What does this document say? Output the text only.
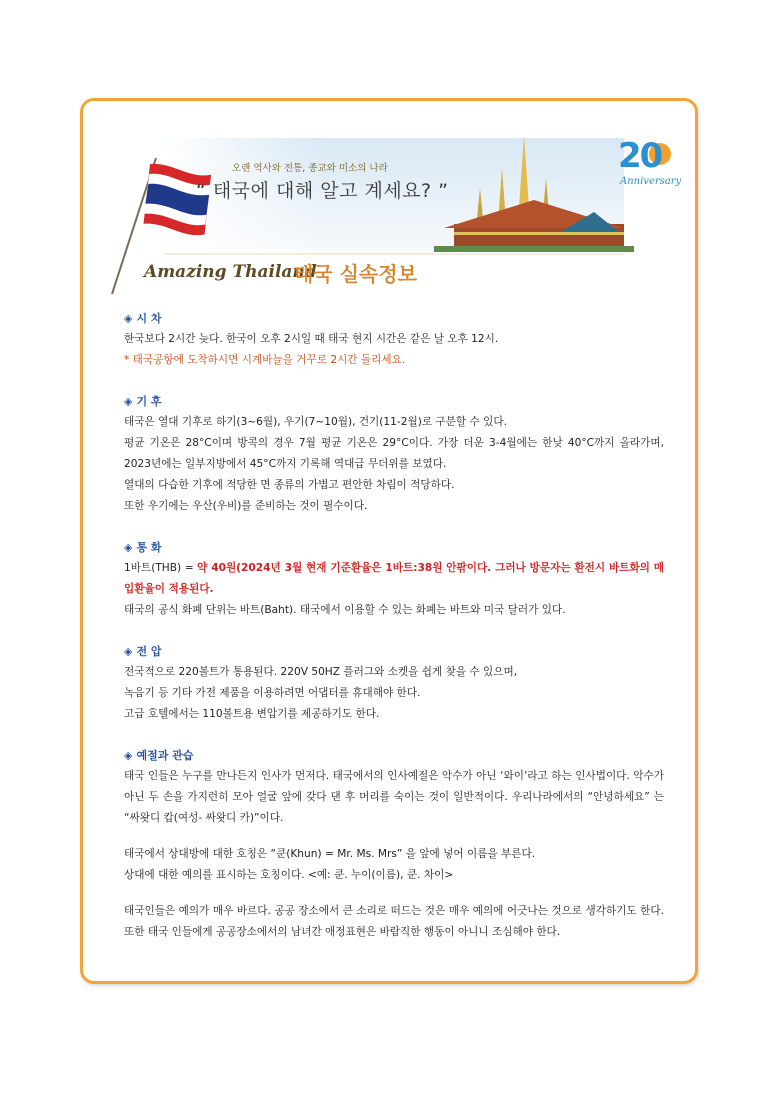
오랜 역사와 전통, 종교와 미소의 나라
“ 태국에 대해 알고 계세요? ”
Amazing Thailand
태국 실속정보
20
Anniversary

◈ 시 차

한국보다 2시간 늦다. 한국이 오후 2시일 때 태국 현지 시간은 같은 날 오후 12시.

* 태국공항에 도착하시면 시계바늘을 거꾸로 2시간 돌리세요.

◈ 기 후

태국은 열대 기후로 하기(3~6월), 우기(7~10월), 건기(11-2월)로 구분할 수 있다.

평균 기온은 28°C이며 방콕의 경우 7월 평균 기온은 29°C이다. 가장 더운 3-4월에는 한낮 40°C까지 올라가며, 2023년에는 일부지방에서 45°C까지 기록해 역대급 무더위를 보였다.

열대의 다습한 기후에 적당한 면 종류의 가볍고 편안한 차림이 적당하다.

또한 우기에는 우산(우비)를 준비하는 것이 필수이다.

◈ 통 화

1바트(THB) = 약 40원(2024년 3월 현재 기준환율은 1바트:38원 안팎이다. 그러나 방문자는 환전시 바트화의 매입환율이 적용된다.

태국의 공식 화폐 단위는 바트(Baht). 태국에서 이용할 수 있는 화폐는 바트와 미국 달러가 있다.

◈ 전 압

전국적으로 220볼트가 통용된다. 220V 50HZ 플러그와 소켓을 쉽게 찾을 수 있으며,

녹음기 등 기타 가전 제품을 이용하려면 어댑터를 휴대해야 한다.

고급 호텔에서는 110볼트용 변압기를 제공하기도 한다.

◈ 예절과 관습

태국 인들은 누구를 만나든지 인사가 먼저다. 태국에서의 인사예절은 악수가 아닌 ‘와이’라고 하는 인사법이다. 악수가 아닌 두 손을 가지런히 모아 얼굴 앞에 갖다 댄 후 머리를 숙이는 것이 일반적이다. 우리나라에서의 “안녕하세요” 는 “싸왓디 캅(여성- 싸왓디 카)”이다.

태국에서 상대방에 대한 호칭은 “쿤(Khun) = Mr. Ms. Mrs” 을 앞에 넣어 이름을 부른다.

상대에 대한 예의를 표시하는 호칭이다. <예: 쿤. 누이(이름), 쿤. 차이>

태국인들은 예의가 매우 바르다. 공공 장소에서 큰 소리로 떠드는 것은 매우 예의에 어긋나는 것으로 생각하기도 한다. 또한 태국 인들에게 공공장소에서의 남녀간 애정표현은 바람직한 행동이 아니니 조심해야 한다.
